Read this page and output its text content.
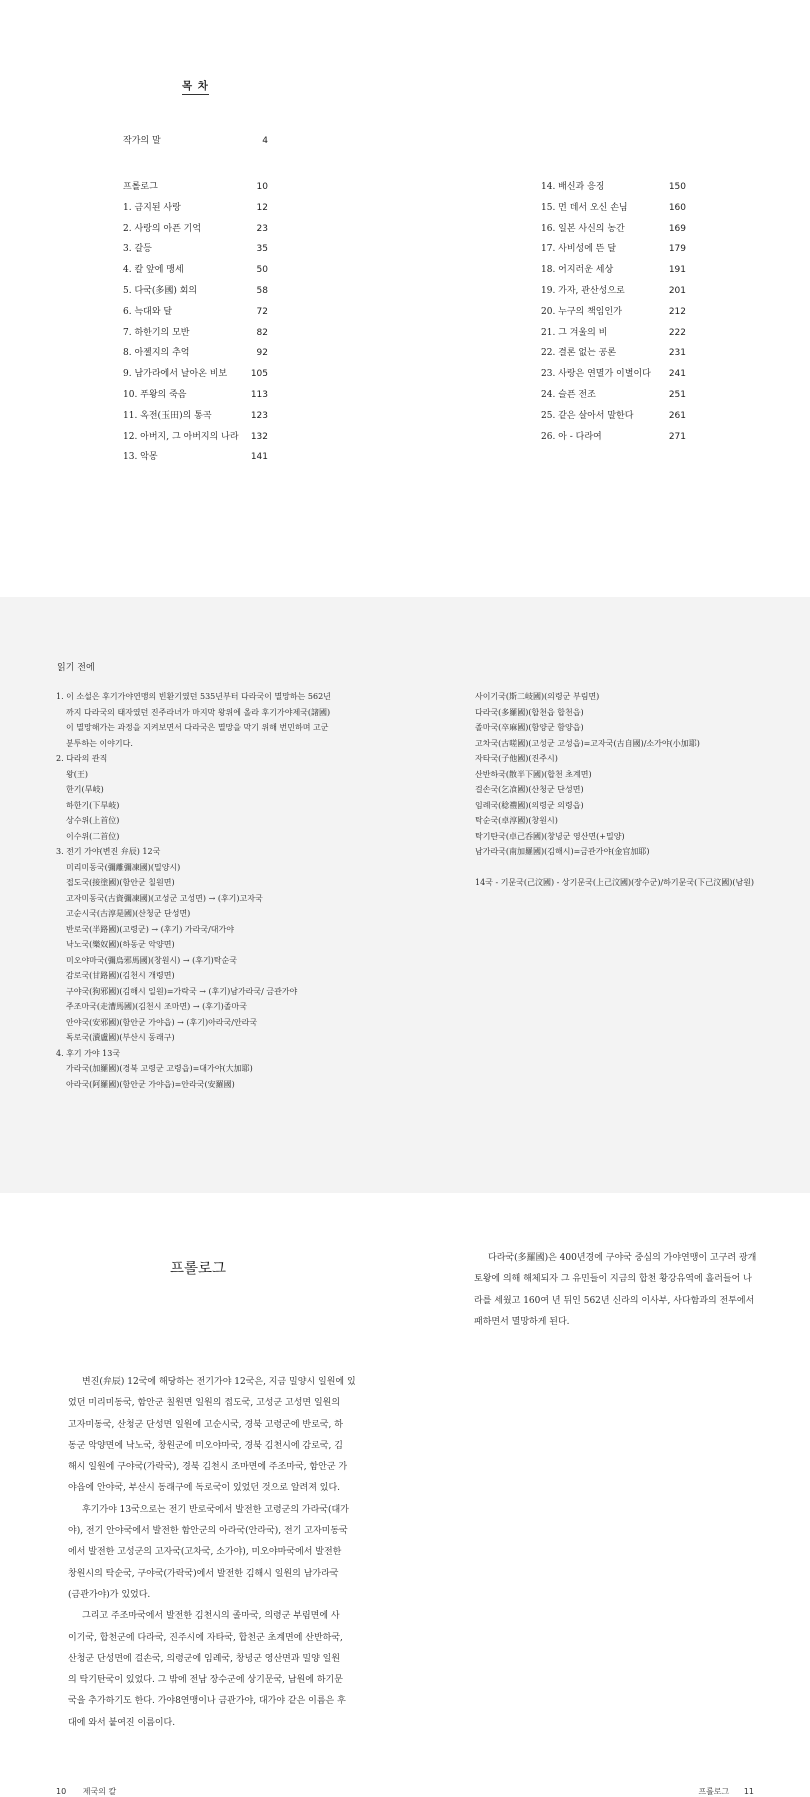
목 차
작가의 말	4
프롤로그	10
1. 금지된 사랑	12
2. 사랑의 아픈 기억	23
3. 갈등	35
4. 칼 앞에 맹세	50
5. 다국(多國) 회의	58
6. 늑대와 달	72
7. 하한기의 모반	82
8. 아젤지의 추억	92
9. 남가라에서 날아온 비보	105
10. 푸왕의 죽음	113
11. 옥전(玉田)의 통곡	123
12. 아버지, 그 아버지의 나라 132
13. 악몽	141
14. 배신과 응징	150
15. 먼 데서 오신 손님	160
16. 일본 사신의 농간	169
17. 사비성에 뜬 달	179
18. 어지러운 세상	191
19. 가자, 관산성으로	201
20. 누구의 책임인가	212
21. 그 겨울의 비	222
22. 결론 없는 공론	231
23. 사랑은 연멸가 이별이다 241
24. 슬픈 전조	251
25. 같은 살아서 말한다	261
26. 아 - 다라여	271
읽기 전에
1. 이 소설은 후기가야연맹의 빈환기였던 535년부터 다라국이 멸망하는 562년
까지 다라국의 태자였던 진주라녀가 마지막 왕위에 올라 후기가야제국(諸國)
이 멸망해가는 과정을 지켜보면서 다라국은 멸망을 막기 위해 번민하며 고군
분투하는 이야기다.
2. 다라의 관직
왕(王)
한기(旱岐)
하한기(下旱岐)
상수위(上首位)
이수위(二首位)
3. 전기 가야(변진 弁辰) 12국
미리미동국(彌離彌凍國)(밀양시)
접도국(接塗國)(함안군 칠원면)
고자미동국(古資彌凍國)(고성군 고성면) → (후기)고자국
고순시국(古淳是國)(산청군 단성면)
반로국(半路國)(고령군) → (후기) 가라국/대가야
낙노국(樂奴國)(하동군 악양면)
미오야마국(彌烏邪馬國)(창원시) → (후기)탁순국
감로국(甘路國)(김천시 개령면)
구야국(狗邪國)(김해시 일원)=가락국 → (후기)남가라국/ 금관가야
주조마국(走漕馬國)(김천시 조마면) → (후기)졸마국
안야국(安邪國)(함안군 가야읍) → (후기)아라국/안라국
독로국(瀆盧國)(부산시 동래구)
4. 후기 가야 13국
가라국(加羅國)(경북 고령군 고령읍)=대가야(大加耶)
아라국(阿羅國)(함안군 가야읍)=안라국(安羅國)
사이기국(斯二岐國)(의령군 부림면)
다라국(多羅國)(합천읍 합천읍)
졸마국(卒麻國)(함양군 함양읍)
고차국(古嗟國)(고성군 고성읍)=고자국(古自國)/소가야(小加耶)
자타국(子他國)(진주시)
산반하국(散半下國)(합천 초계면)
걸손국(乞飡國)(산청군 단성면)
임례국(稔禮國)(의령군 의령읍)
탁순국(卓淳國)(창원시)
탁기탄국(卓己呑國)(창녕군 영산면(+밀양)
남가라국(南加羅國)(김해시)=금관가야(金官加耶)
14국 - 기문국(己汶國) - 상기문국(上己汶國)(장수군)/하기문국(下己汶國)(남원)
프롤로그
다라국(多羅國)은 400년경에 구야국 중심의 가야연맹이 고구려 광개
토왕에 의해 해체되자 그 유민들이 지금의 합천 황강유역에 흘러들어 나
라를 세웠고 160여 년 뒤인 562년 신라의 이사부, 사다함과의 전투에서
패하면서 멸망하게 된다.
변진(弁辰) 12국에 해당하는 전기가야 12국은, 지금 밀양시 일원에 있
었던 미리미동국, 함안군 칠원면 일원의 접도국, 고성군 고성면 일원의
고자미동국, 산청군 단성면 일원에 고순시국, 경북 고령군에 반로국, 하
동군 악양면에 낙노국, 창원군에 미오야마국, 경북 김천시에 감로국, 김
해시 일원에 구야국(가락국), 경북 김천시 조마면에 주조마국, 함안군 가
야읍에 안야국, 부산시 동래구에 독로국이 있었던 것으로 알려져 있다.
후기가야 13국으로는 전기 반로국에서 발전한 고령군의 가라국(대가
야), 전기 안야국에서 발전한 함안군의 아라국(안라국), 전기 고자미동국
에서 발전한 고성군의 고자국(고차국, 소가야), 미오야마국에서 발전한
창원시의 탁순국, 구야국(가락국)에서 발전한 김해시 일원의 남가라국
(금관가야)가 있었다.
그리고 주조마국에서 발전한 김천시의 졸마국, 의령군 부림면에 사
이기국, 합천군에 다라국, 진주시에 자타국, 합천군 초계면에 산반하국,
산청군 단성면에 걸손국, 의령군에 임례국, 창녕군 영산면과 밀양 일원
의 탁기탄국이 있었다. 그 밖에 전남 장수군에 상기문국, 남원에 하기문
국을 추가하기도 한다. 가야8연맹이나 금관가야, 대가야 같은 이름은 후
대에 와서 붙여진 이름이다.
10 제국의 칼	프롤로그 11
